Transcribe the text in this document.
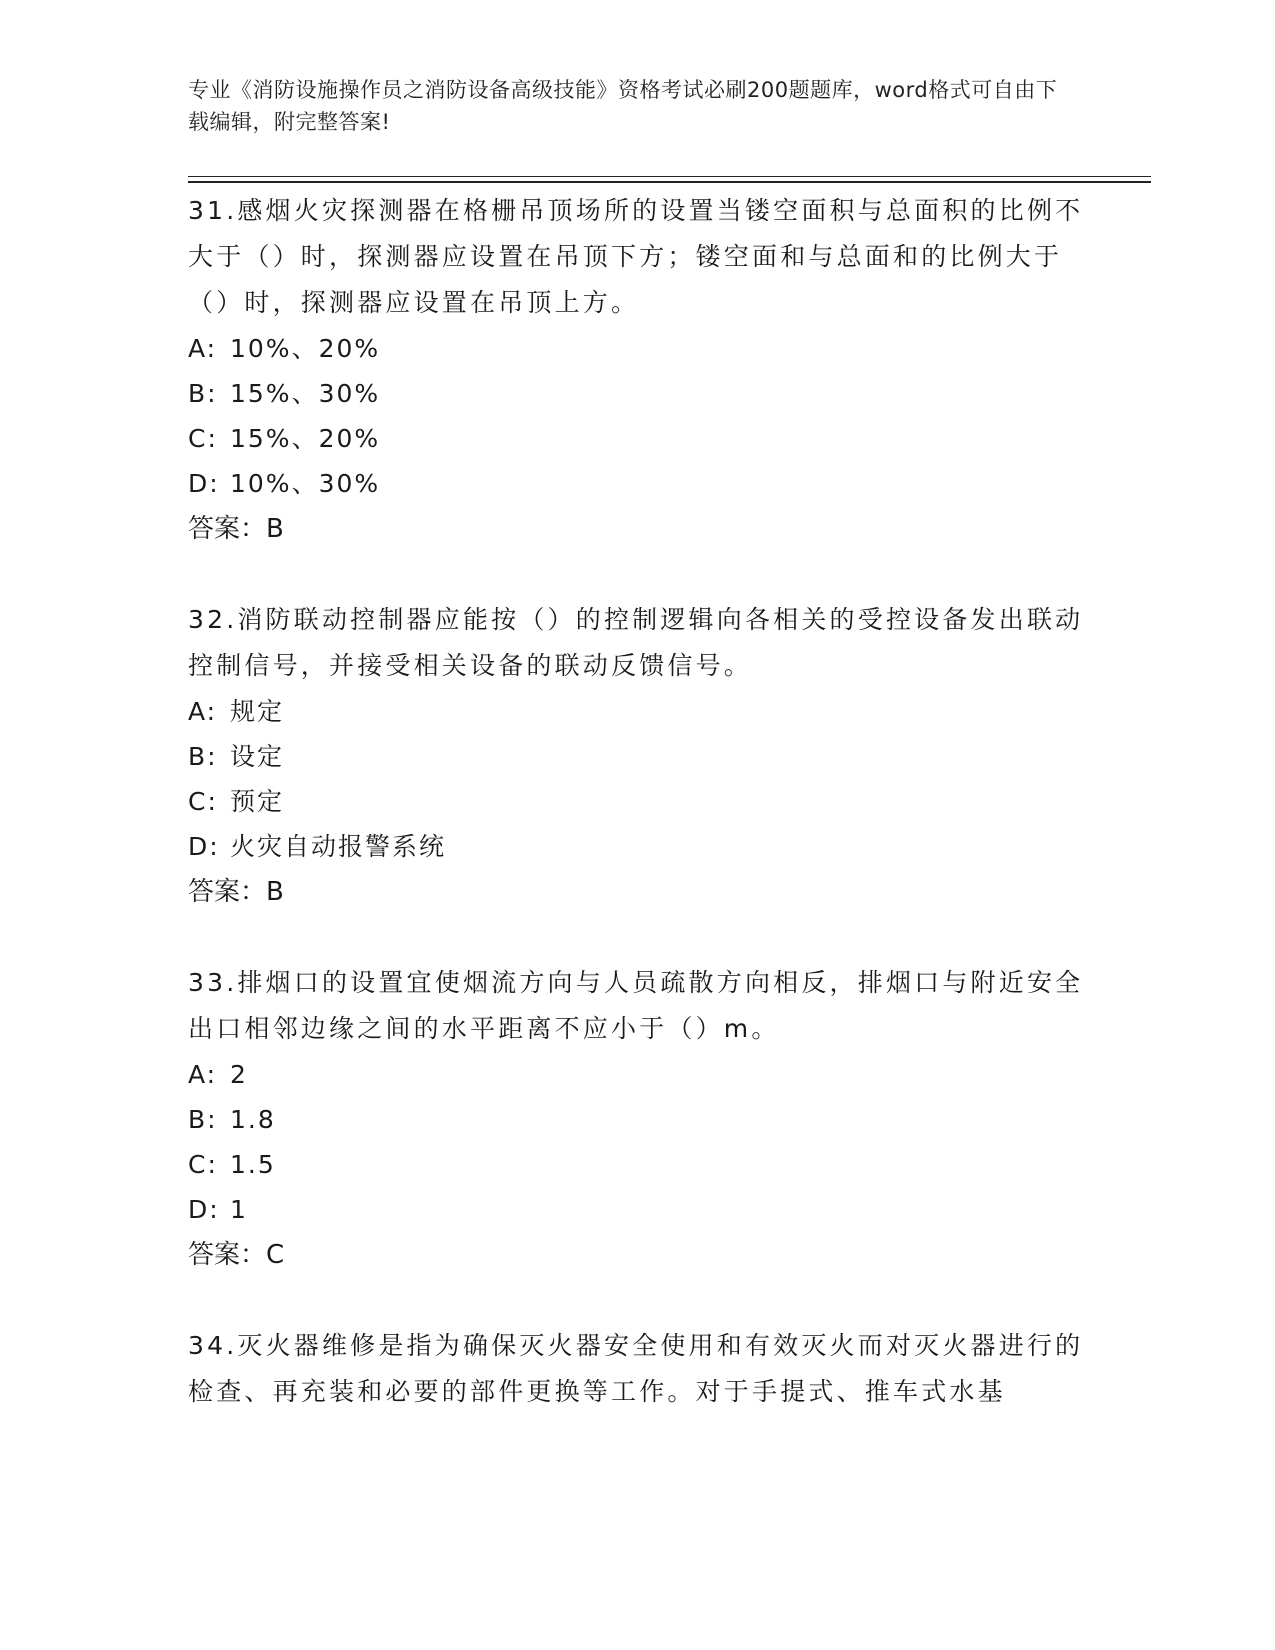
专业《消防设施操作员之消防设备高级技能》资格考试必刷200题题库，word格式可自由下载编辑，附完整答案!

31.感烟火灾探测器在格栅吊顶场所的设置当镂空面积与总面积的比例不大于（）时，探测器应设置在吊顶下方；镂空面和与总面和的比例大于（）时，探测器应设置在吊顶上方。

A: 10%、20%

B: 15%、30%

C: 15%、20%

D: 10%、30%

答案：B

32.消防联动控制器应能按（）的控制逻辑向各相关的受控设备发出联动控制信号，并接受相关设备的联动反馈信号。

A: 规定

B: 设定

C: 预定

D: 火灾自动报警系统

答案：B

33.排烟口的设置宜使烟流方向与人员疏散方向相反，排烟口与附近安全出口相邻边缘之间的水平距离不应小于（）m。

A: 2

B: 1.8

C: 1.5

D: 1

答案：C

34.灭火器维修是指为确保灭火器安全使用和有效灭火而对灭火器进行的检查、再充装和必要的部件更换等工作。对于手提式、推车式水基
